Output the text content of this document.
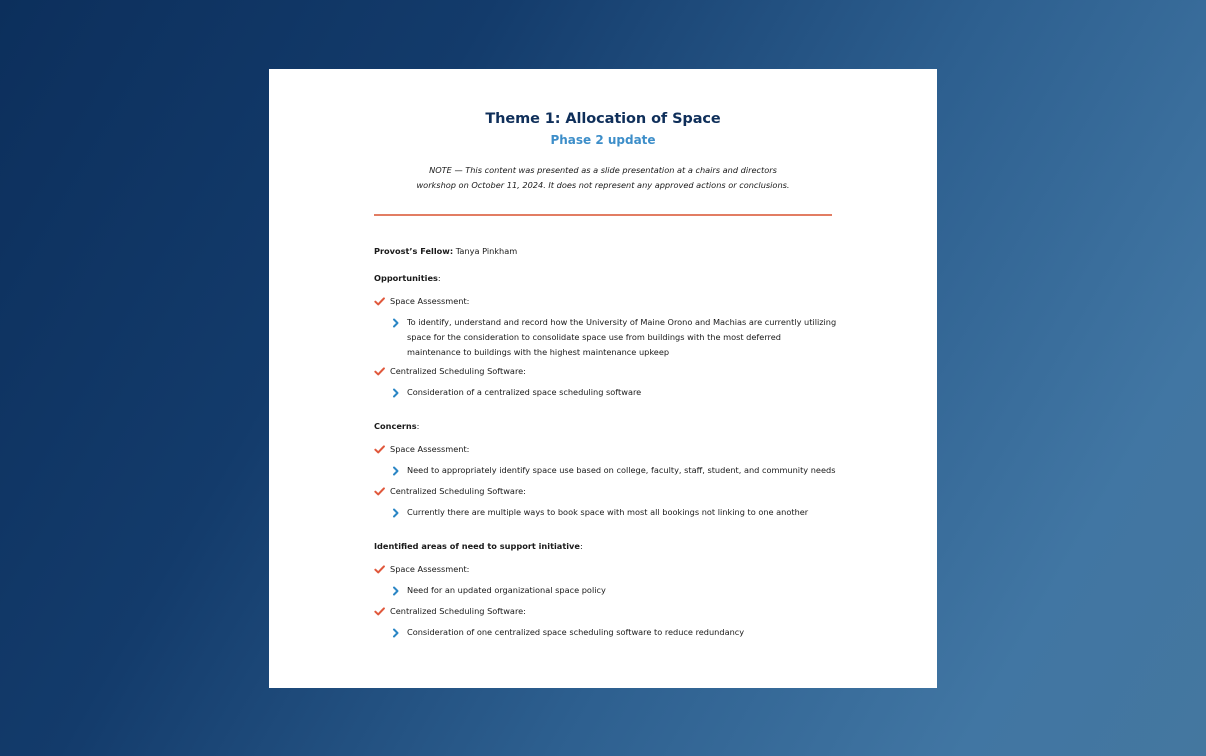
Theme 1: Allocation of Space
Phase 2 update
NOTE — This content was presented as a slide presentation at a chairs and directors
workshop on October 11, 2024. It does not represent any approved actions or conclusions.
Provost’s Fellow: Tanya Pinkham
Opportunities:
Space Assessment:
To identify, understand and record how the University of Maine Orono and Machias are currently utilizing space for the consideration to consolidate space use from buildings with the most deferred maintenance to buildings with the highest maintenance upkeep
Centralized Scheduling Software:
Consideration of a centralized space scheduling software
Concerns:
Space Assessment:
Need to appropriately identify space use based on college, faculty, staff, student, and community needs
Centralized Scheduling Software:
Currently there are multiple ways to book space with most all bookings not linking to one another
Identified areas of need to support initiative:
Space Assessment:
Need for an updated organizational space policy
Centralized Scheduling Software:
Consideration of one centralized space scheduling software to reduce redundancy
